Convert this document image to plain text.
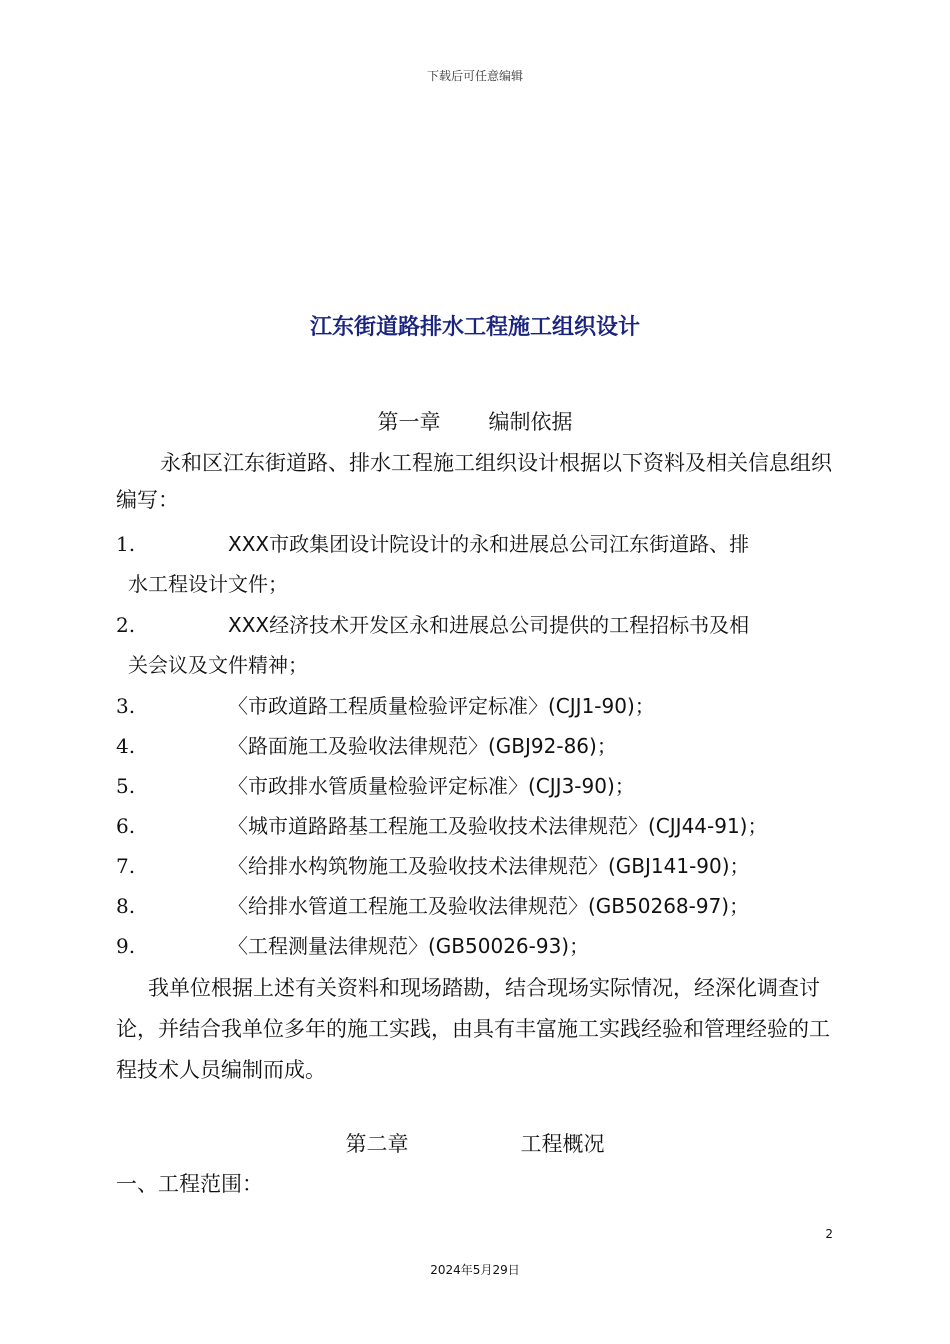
下载后可任意编辑
江东街道路排水工程施工组织设计
第一章 编制依据
永和区江东街道路、排水工程施工组织设计根据以下资料及相关信息组织编写：
1.	XXX市政集团设计院设计的永和进展总公司江东街道路、排
水工程设计文件；
2.	XXX经济技术开发区永和进展总公司提供的工程招标书及相
关会议及文件精神；
3.	〈市政道路工程质量检验评定标准〉(CJJ1-90)；
4.	〈路面施工及验收法律规范〉(GBJ92-86)；
5.	〈市政排水管质量检验评定标准〉(CJJ3-90)；
6.	〈城市道路路基工程施工及验收技术法律规范〉(CJJ44-91)；
7.	〈给排水构筑物施工及验收技术法律规范〉(GBJ141-90)；
8.	〈给排水管道工程施工及验收法律规范〉(GB50268-97)；
9.	〈工程测量法律规范〉(GB50026-93)；
我单位根据上述有关资料和现场踏勘，结合现场实际情况，经深化调查讨论，并结合我单位多年的施工实践，由具有丰富施工实践经验和管理经验的工程技术人员编制而成。
第二章	工程概况
一、工程范围：
2
2024年5月29日
